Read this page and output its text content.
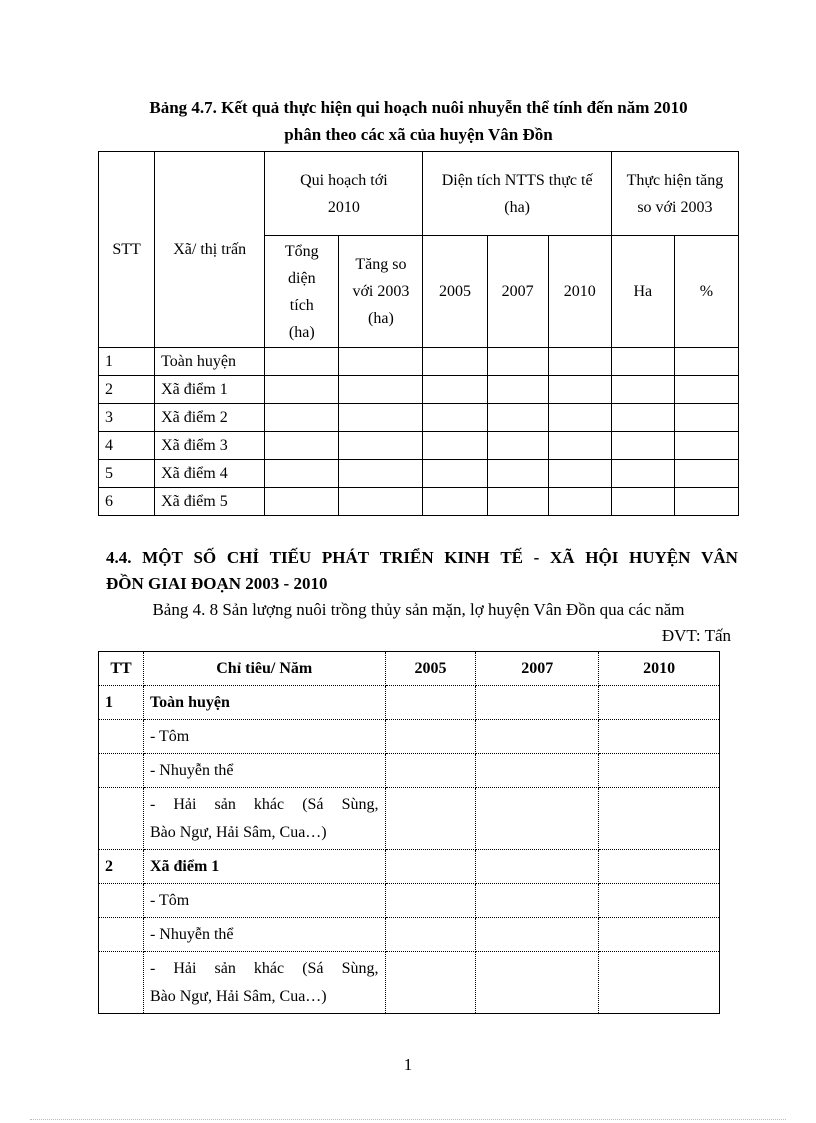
Bảng 4.7. Kết quả thực hiện qui hoạch nuôi nhuyễn thể tính đến năm 2010
phân theo các xã của huyện Vân Đồn
STT	Xã/ thị trấn	Qui hoạch tới 2010		Diện tích NTTS thực tế (ha)			Thực hiện tăng so với 2003	
		Tổng diện tích (ha)	Tăng so với 2003 (ha)	2005	2007	2010	Ha	%
1	Toàn huyện							
2	Xã điểm 1							
3	Xã điểm 2							
4	Xã điểm 3							
5	Xã điểm 4							
6	Xã điểm 5							
4.4. MỘT SỐ CHỈ TIẾU PHÁT TRIỂN KINH TẾ - XÃ HỘI HUYỆN VÂN
ĐỒN GIAI ĐOẠN 2003 - 2010
Bảng 4. 8 Sản lượng nuôi trồng thủy sản mặn, lợ huyện Vân Đồn qua các năm
ĐVT: Tấn
TT	Chỉ tiêu/ Năm	2005	2007	2010
1	Toàn huyện			
	- Tôm			
	- Nhuyễn thể			

	- Hải sản khác (Sá Sùng,
Bào Ngư, Hải Sâm, Cua…)			

2	Xã điểm 1			
	- Tôm			
	- Nhuyễn thể			

	- Hải sản khác (Sá Sùng,
Bào Ngư, Hải Sâm, Cua…)			

1
